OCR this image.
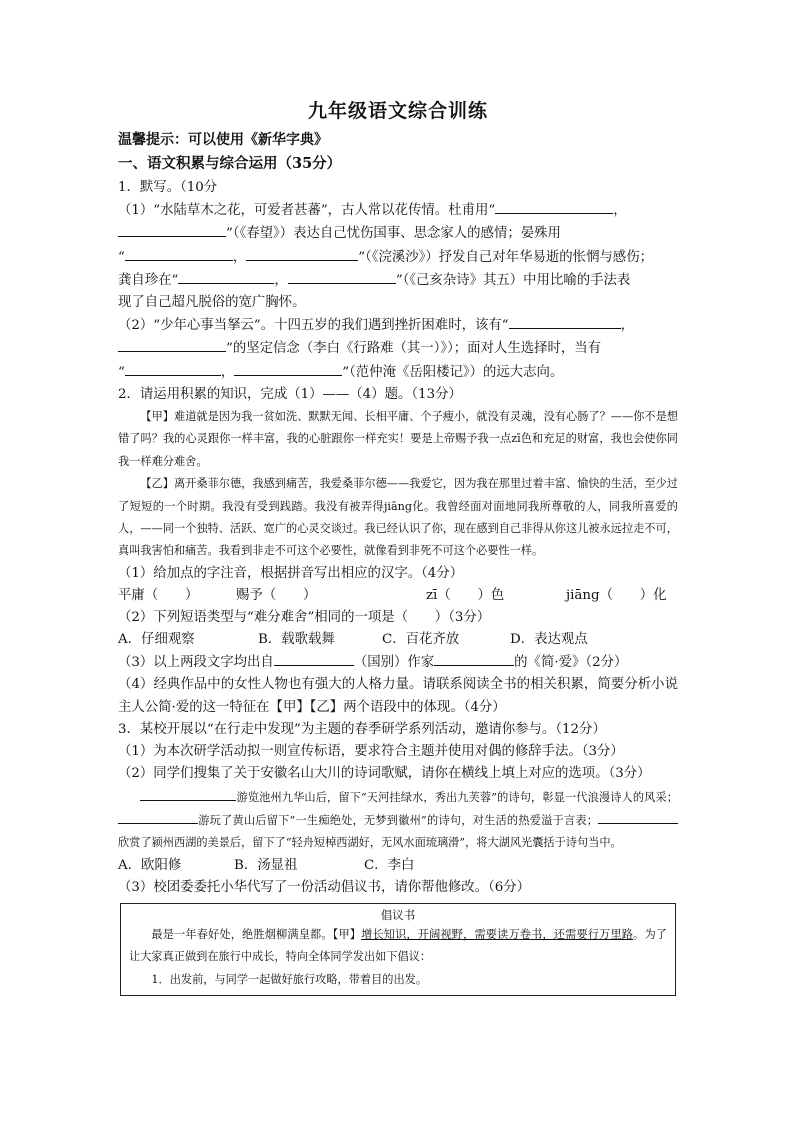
九年级语文综合训练
温馨提示：可以使用《新华字典》
一、语文积累与综合运用（35分）

1．默写。（10分

（1）“水陆草木之花，可爱者甚蕃”，古人常以花传情。杜甫用“	，

”（《春望》）表达自己忧伤国事、思念家人的感情；晏殊用

“	，	”（《浣溪沙》）抒发自己对年华易逝的怅惘与感伤；

龚自珍在“	，	”（《己亥杂诗》其五）中用比喻的手法表

现了自己超凡脱俗的宽广胸怀。

（2）“少年心事当拏云”。十四五岁的我们遇到挫折困难时，该有“	，

”的坚定信念（李白《行路难（其一）》）；面对人生选择时，当有

“	，	”（范仲淹《岳阳楼记》）的远大志向。

2．请运用积累的知识，完成（1）——（4）题。（13分）

【甲】难道就是因为我一贫如洗、默默无闻、长相平庸、个子瘦小，就没有灵魂，没有心肠了？——你不是想错了吗？我的心灵跟你一样丰富，我的心脏跟你一样充实！要是上帝赐予我一点zī色和充足的财富，我也会使你同我一样难分难舍。

【乙】离开桑菲尔德，我感到痛苦，我爱桑菲尔德——我爱它，因为我在那里过着丰富、愉快的生活，至少过了短短的一个时期。我没有受到践踏。我没有被弄得jiāng化。我曾经面对面地同我所尊敬的人，同我所喜爱的人，——同一个独特、活跃、宽广的心灵交谈过。我已经认识了你，现在感到自己非得从你这儿被永远拉走不可，真叫我害怕和痛苦。我看到非走不可这个必要性，就像看到非死不可这个必要性一样。

（1）给加点的字注音，根据拼音写出相应的汉字。（4分）

平庸（　　）	赐予（　　）	zī（　　）色	jiāng（　　）化

（2）下列短语类型与“难分难舍”相同的一项是（　　）（3分）

A．仔细观察	B．载歌载舞	C．百花齐放	D．表达观点

（3）以上两段文字均出自	（国别）作家	的《简·爱》（2分）

（4）经典作品中的女性人物也有强大的人格力量。请联系阅读全书的相关积累，简要分析小说主人公简·爱的这一特征在【甲】【乙】两个语段中的体现。（4分）

3．某校开展以“在行走中发现”为主题的春季研学系列活动，邀请你参与。（12分）

（1）为本次研学活动拟一则宣传标语，要求符合主题并使用对偶的修辞手法。（3分）

（2）同学们搜集了关于安徽名山大川的诗词歌赋，请你在横线上填上对应的选项。（3分）

游览池州九华山后，留下“天河挂绿水，秀出九芙蓉”的诗句，彰显一代浪漫诗人的风采；游玩了黄山后留下“一生痴绝处，无梦到徽州”的诗句，对生活的热爱溢于言表；欣赏了颍州西湖的美景后，留下了“轻舟短棹西湖好，无风水面琉璃滑”，将大湖风光囊括于诗句当中。

A．欧阳修	B．汤显祖	C．李白

（3）校团委委托小华代写了一份活动倡议书，请你帮他修改。（6分）

倡议书

最是一年春好处，绝胜烟柳满皇都。【甲】增长知识，开阔视野，需要读万卷书，还需要行万里路。为了让大家真正做到在旅行中成长，特向全体同学发出如下倡议：

1．出发前，与同学一起做好旅行攻略，带着目的出发。
